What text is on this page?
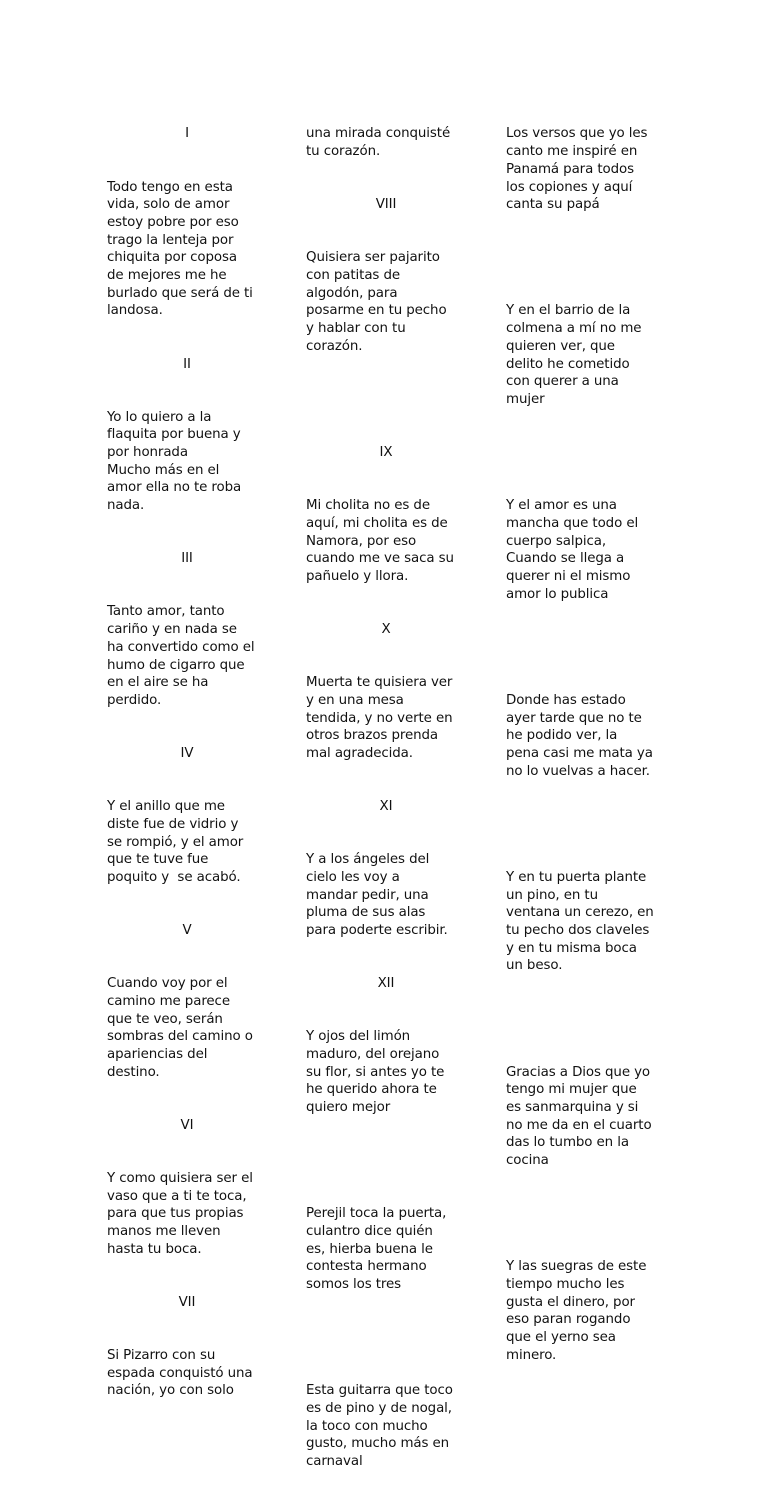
I

Todo tengo en esta
vida, solo de amor
estoy pobre por eso
trago la lenteja por
chiquita por coposa
de mejores me he
burlado que será de ti
landosa.

II

Yo lo quiero a la
flaquita por buena y
por honrada
Mucho más en el
amor ella no te roba
nada.

III

Tanto amor, tanto
cariño y en nada se
ha convertido como el
humo de cigarro que
en el aire se ha
perdido.

IV

Y el anillo que me
diste fue de vidrio y
se rompió, y el amor
que te tuve fue
poquito y  se acabó.

V

Cuando voy por el
camino me parece
que te veo, serán
sombras del camino o
apariencias del
destino.

VI

Y como quisiera ser el
vaso que a ti te toca,
para que tus propias
manos me lleven
hasta tu boca.

VII

Si Pizarro con su
espada conquistó una
nación, yo con solo

una mirada conquisté
tu corazón.

VIII

Quisiera ser pajarito
con patitas de
algodón, para
posarme en tu pecho
y hablar con tu
corazón.

IX

Mi cholita no es de
aquí, mi cholita es de
Namora, por eso
cuando me ve saca su
pañuelo y llora.

X

Muerta te quisiera ver
y en una mesa
tendida, y no verte en
otros brazos prenda
mal agradecida.

XI

Y a los ángeles del
cielo les voy a
mandar pedir, una
pluma de sus alas
para poderte escribir.

XII

Y ojos del limón
maduro, del orejano
su flor, si antes yo te
he querido ahora te
quiero mejor

Perejil toca la puerta,
culantro dice quién
es, hierba buena le
contesta hermano
somos los tres

Esta guitarra que toco
es de pino y de nogal,
la toco con mucho
gusto, mucho más en
carnaval

Los versos que yo les
canto me inspiré en
Panamá para todos
los copiones y aquí
canta su papá

Y en el barrio de la
colmena a mí no me
quieren ver, que
delito he cometido
con querer a una
mujer

Y el amor es una
mancha que todo el
cuerpo salpica,
Cuando se llega a
querer ni el mismo
amor lo publica

Donde has estado
ayer tarde que no te
he podido ver, la
pena casi me mata ya
no lo vuelvas a hacer.

Y en tu puerta plante
un pino, en tu
ventana un cerezo, en
tu pecho dos claveles
y en tu misma boca
un beso.

Gracias a Dios que yo
tengo mi mujer que
es sanmarquina y si
no me da en el cuarto
das lo tumbo en la
cocina

Y las suegras de este
tiempo mucho les
gusta el dinero, por
eso paran rogando
que el yerno sea
minero.
